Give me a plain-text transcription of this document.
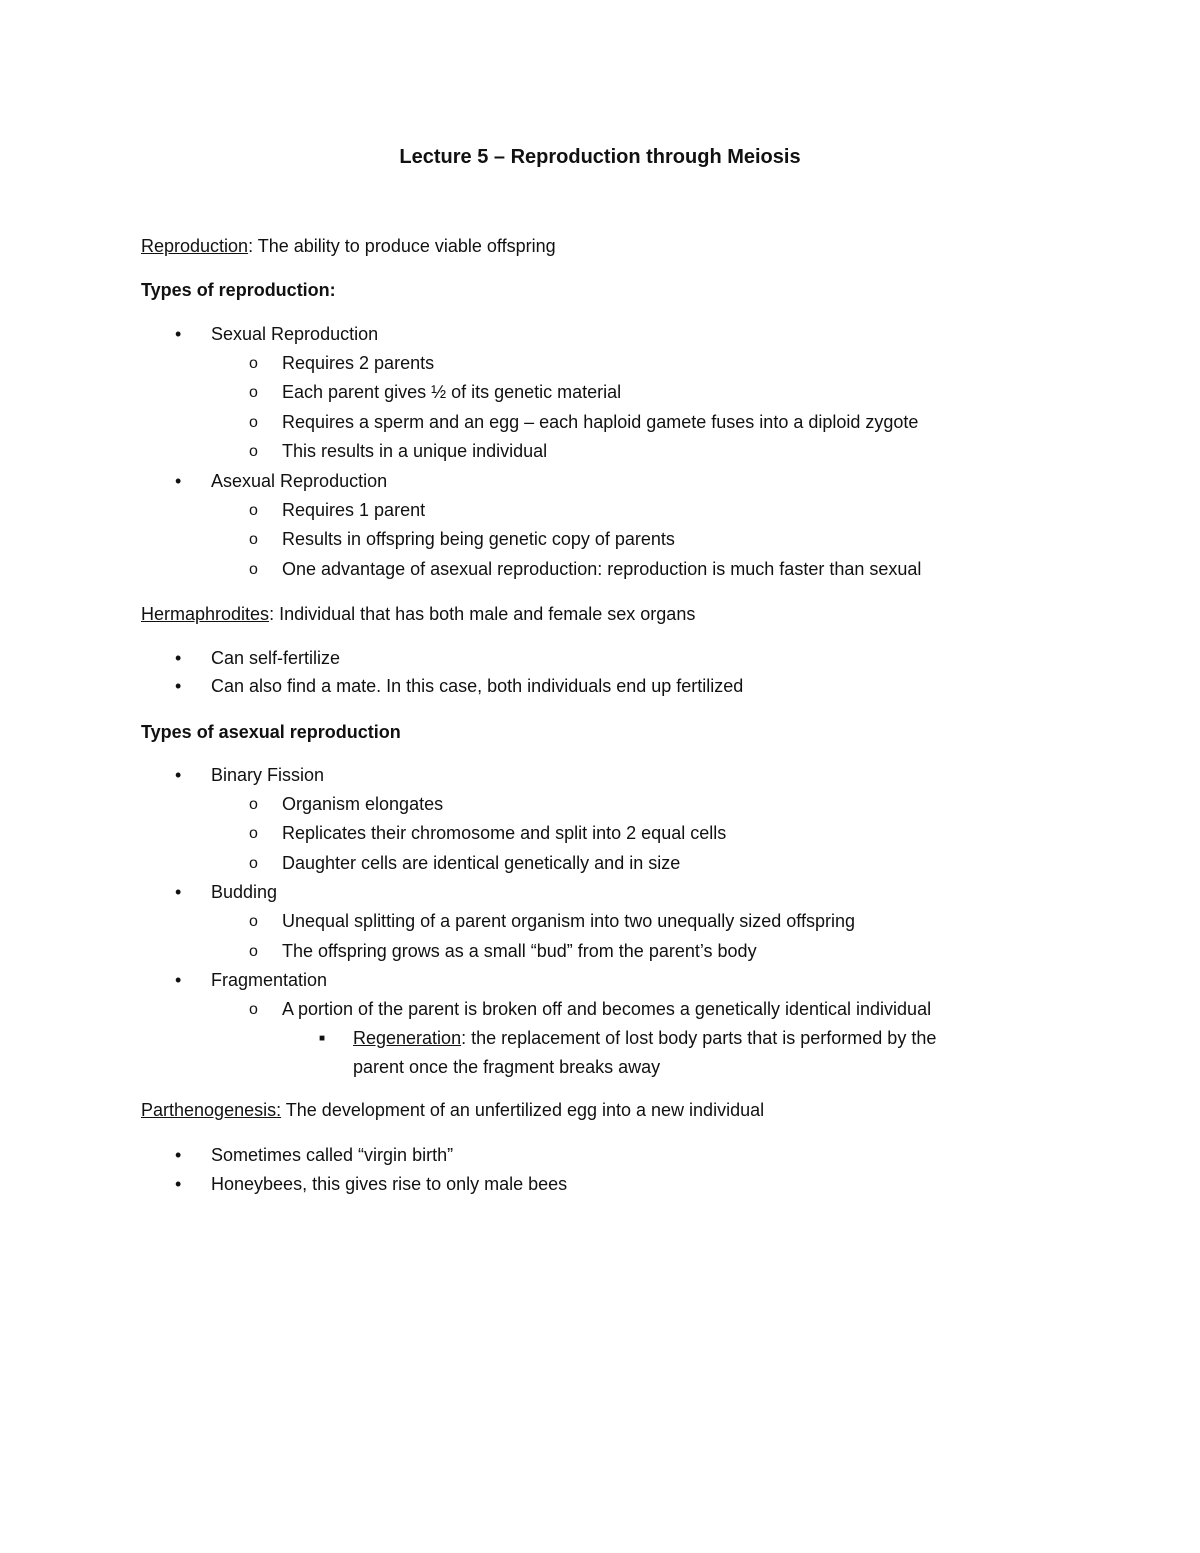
Lecture 5 – Reproduction through Meiosis
Reproduction: The ability to produce viable offspring
Types of reproduction:
• Sexual Reproduction
o Requires 2 parents
o Each parent gives ½ of its genetic material
o Requires a sperm and an egg – each haploid gamete fuses into a diploid zygote
o This results in a unique individual
• Asexual Reproduction
o Requires 1 parent
o Results in offspring being genetic copy of parents
o One advantage of asexual reproduction: reproduction is much faster than sexual
Hermaphrodites: Individual that has both male and female sex organs
• Can self-fertilize
• Can also find a mate. In this case, both individuals end up fertilized
Types of asexual reproduction
• Binary Fission
o Organism elongates
o Replicates their chromosome and split into 2 equal cells
o Daughter cells are identical genetically and in size
• Budding
o Unequal splitting of a parent organism into two unequally sized offspring
o The offspring grows as a small “bud” from the parent’s body
• Fragmentation
o A portion of the parent is broken off and becomes a genetically identical individual
■ Regeneration: the replacement of lost body parts that is performed by the
parent once the fragment breaks away
Parthenogenesis: The development of an unfertilized egg into a new individual
• Sometimes called “virgin birth”
• Honeybees, this gives rise to only male bees
